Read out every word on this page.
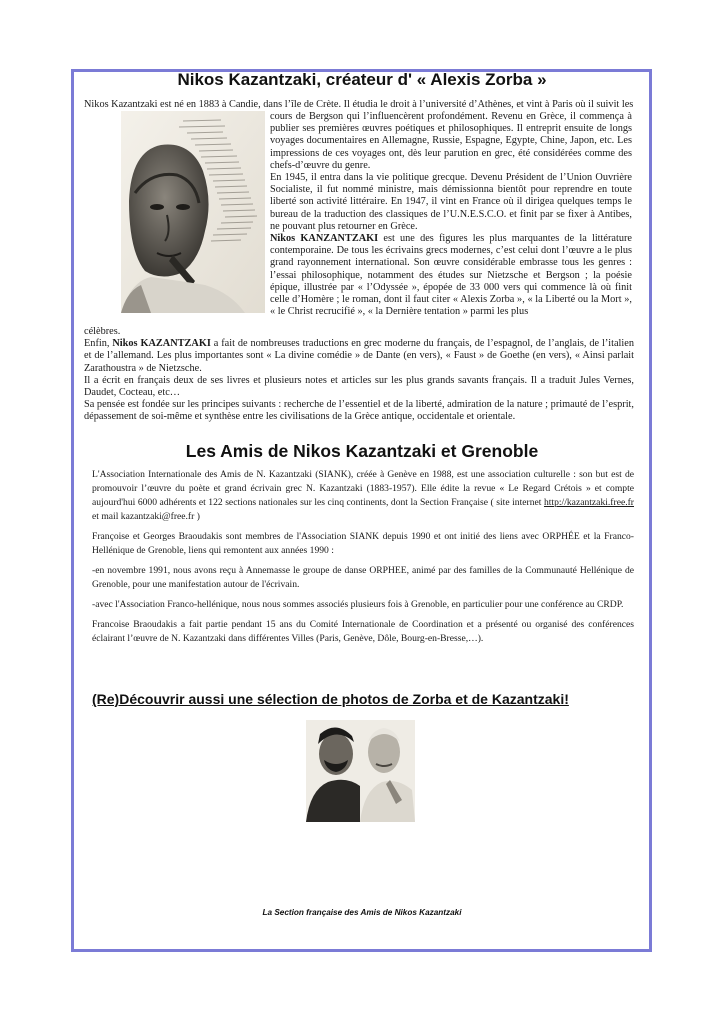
Nikos Kazantzaki, créateur d' « Alexis Zorba »
Nikos Kazantzaki est né en 1883 à Candie, dans l’île de Crète. Il étudia le droit à l’université d’Athènes, et vint à Paris où il suivit les

cours de Bergson qui l’influencèrent profondément. Revenu en Grèce, il commença à publier ses premières œuvres poétiques et philosophiques. Il entreprit ensuite de longs voyages documentaires en Allemagne, Russie, Espagne, Egypte, Chine, Japon, etc. Les impressions de ces voyages ont, dès leur parution en grec, été considérées comme des chefs-d’œuvre du genre.

En 1945, il entra dans la vie politique grecque. Devenu Président de l’Union Ouvrière Socialiste, il fut nommé ministre, mais démissionna bientôt pour reprendre en toute liberté son activité littéraire. En 1947, il vint en France où il dirigea quelques temps le bureau de la traduction des classiques de l’U.N.E.S.C.O. et finit par se fixer à Antibes, ne pouvant plus retourner en Grèce.

Nikos KANZANTZAKI est une des figures les plus marquantes de la littérature contemporaine. De tous les écrivains grecs modernes, c’est celui dont l’œuvre a le plus grand rayonnement international. Son œuvre considérable embrasse tous les genres : l’essai philosophique, notamment des études sur Nietzsche et Bergson ; la poésie épique, illustrée par « l’Odyssée », épopée de 33 000 vers qui commence là où finit celle d’Homère ; le roman, dont il faut citer « Alexis Zorba », « la Liberté ou la Mort », « le Christ recrucifié », « la Dernière tentation » parmi les plus

célèbres.

Enfin, Nikos KAZANTZAKI a fait de nombreuses traductions en grec moderne du français, de l’espagnol, de l’anglais, de l’italien et de l’allemand. Les plus importantes sont « La divine comédie » de Dante (en vers), « Faust » de Goethe (en vers), « Ainsi parlait Zarathoustra » de Nietzsche.

Il a écrit en français deux de ses livres et plusieurs notes et articles sur les plus grands savants français. Il a traduit Jules Vernes, Daudet, Cocteau, etc…

Sa pensée est fondée sur les principes suivants : recherche de l’essentiel et de la liberté, admiration de la nature ; primauté de l’esprit, dépassement de soi-même et synthèse entre les civilisations de la Grèce antique, occidentale et orientale.

Les Amis de Nikos Kazantzaki et Grenoble

L'Association Internationale des Amis de N. Kazantzaki (SIANK), créée à Genève en 1988, est une association culturelle : son but est de promouvoir l’œuvre du poète et grand écrivain grec N. Kazantzaki (1883-1957). Elle édite la revue « Le Regard Crétois » et compte aujourd'hui 6000 adhérents et 122 sections nationales sur les cinq continents, dont la Section Française ( site internet http://kazantzaki.free.fr et mail kazantzaki@free.fr )

Françoise et Georges Braoudakis sont membres de l'Association SIANK depuis 1990 et ont initié des liens avec ORPHÉE et la Franco-Hellénique de Grenoble, liens qui remontent aux années 1990 :

-en novembre 1991, nous avons reçu à Annemasse le groupe de danse ORPHEE, animé par des familles de la Communauté Hellénique de Grenoble, pour une manifestation autour de l'écrivain.

-avec l'Association Franco-hellénique, nous nous sommes associés plusieurs fois à Grenoble, en particulier pour une conférence au CRDP.

Francoise Braoudakis a fait partie pendant 15 ans du Comité Internationale de Coordination et a présenté ou organisé des conférences éclairant l’œuvre de N. Kazantzaki dans différentes Villes (Paris, Genève, Dôle, Bourg-en-Bresse,…).

(Re)Découvrir aussi une sélection de photos de Zorba et de Kazantzaki!
La Section française des Amis de Nikos Kazantzaki
